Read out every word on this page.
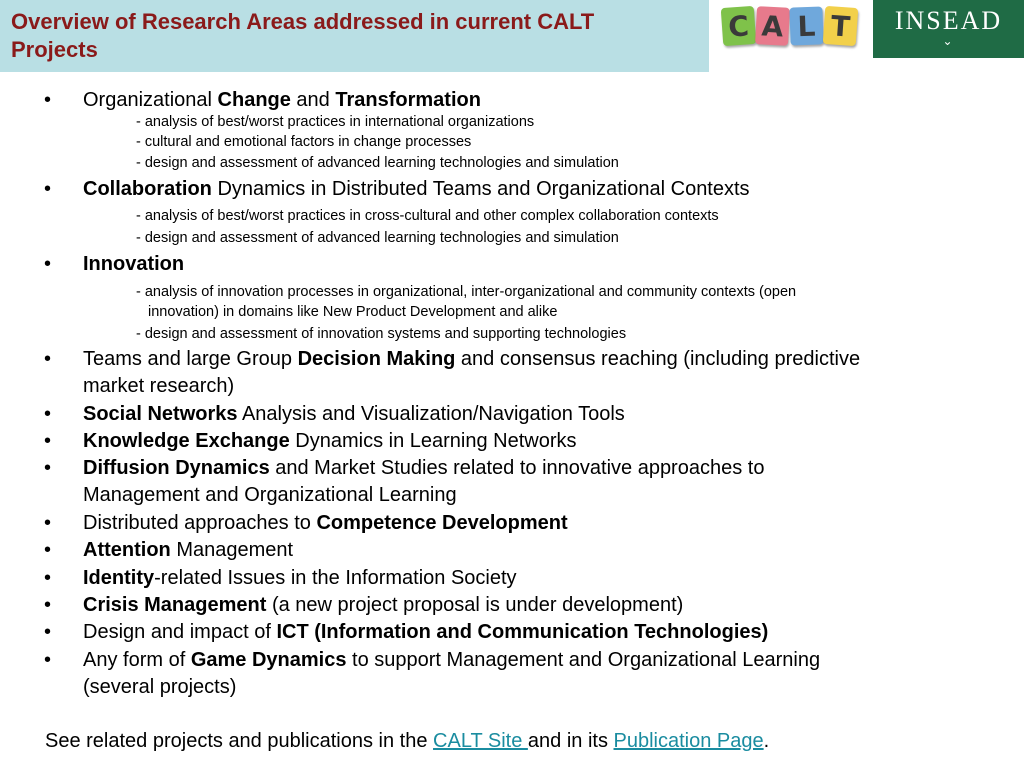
Overview of Research Areas addressed in current CALT
Projects
C A L T INSEAD
⌄
• Organizational Change and Transformation
- analysis of best/worst practices in international organizations
- cultural and emotional factors in change processes
- design and assessment of advanced learning technologies and simulation
• Collaboration Dynamics in Distributed Teams and Organizational Contexts
- analysis of best/worst practices in cross-cultural and other complex collaboration contexts
- design and assessment of advanced learning technologies and simulation
• Innovation
- analysis of innovation processes in organizational, inter-organizational and community contexts (open
innovation) in domains like New Product Development and alike
- design and assessment of innovation systems and supporting technologies
• Teams and large Group Decision Making and consensus reaching (including predictive
market research)
• Social Networks Analysis and Visualization/Navigation Tools
• Knowledge Exchange Dynamics in Learning Networks
• Diffusion Dynamics and Market Studies related to innovative approaches to
Management and Organizational Learning
• Distributed approaches to Competence Development
• Attention Management
• Identity-related Issues in the Information Society
• Crisis Management (a new project proposal is under development)
• Design and impact of ICT (Information and Communication Technologies)
• Any form of Game Dynamics to support Management and Organizational Learning
(several projects)
See related projects and publications in the CALT Site and in its Publication Page.
